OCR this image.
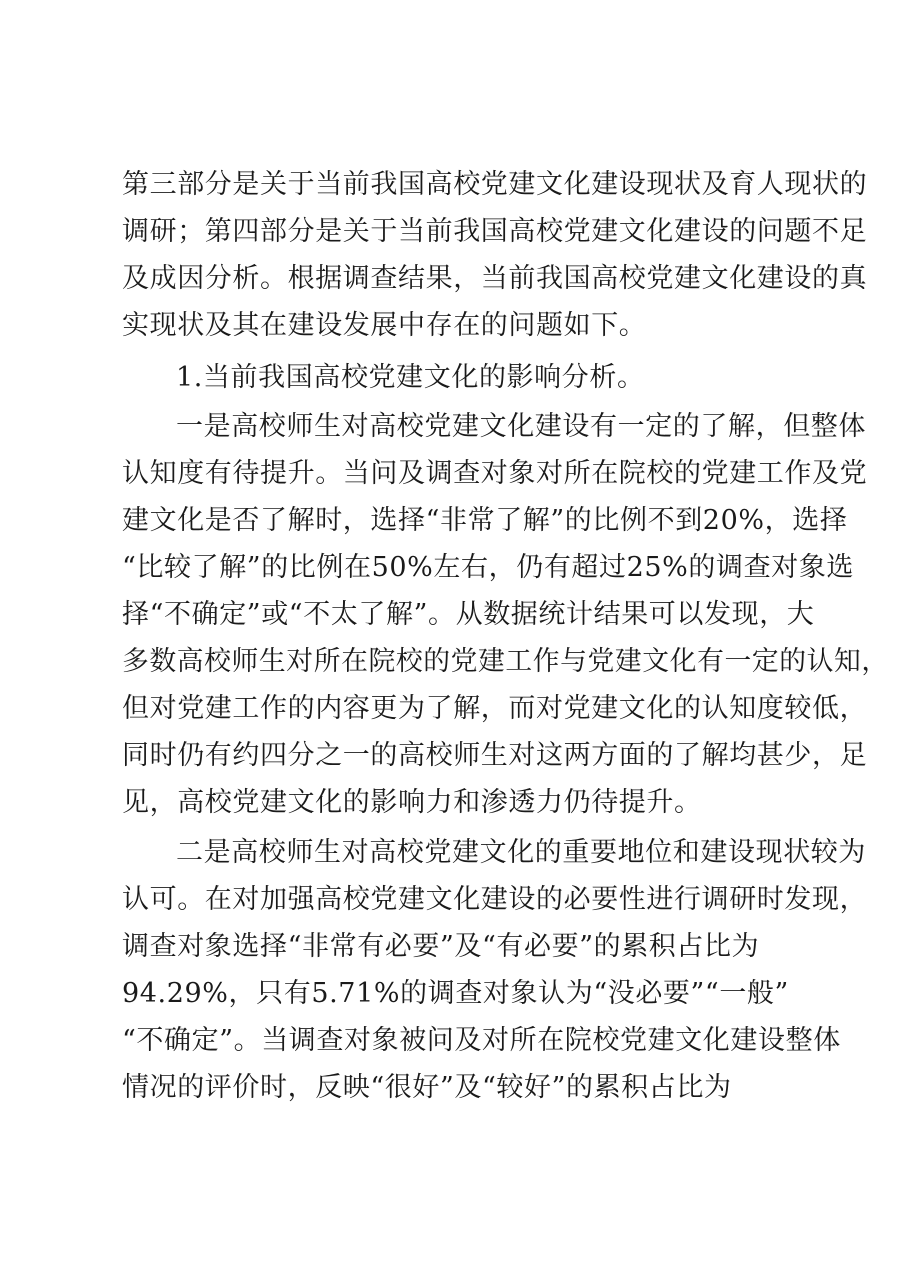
第三部分是关于当前我国高校党建文化建设现状及育人现状的
调研；第四部分是关于当前我国高校党建文化建设的问题不足
及成因分析。根据调查结果，当前我国高校党建文化建设的真
实现状及其在建设发展中存在的问题如下。
1.当前我国高校党建文化的影响分析。
一是高校师生对高校党建文化建设有一定的了解，但整体
认知度有待提升。当问及调查对象对所在院校的党建工作及党
建文化是否了解时，选择“非常了解”的比例不到20%，选择
“比较了解”的比例在50%左右，仍有超过25%的调查对象选
择“不确定”或“不太了解”。从数据统计结果可以发现，大
多数高校师生对所在院校的党建工作与党建文化有一定的认知，
但对党建工作的内容更为了解，而对党建文化的认知度较低，
同时仍有约四分之一的高校师生对这两方面的了解均甚少，足
见，高校党建文化的影响力和渗透力仍待提升。
二是高校师生对高校党建文化的重要地位和建设现状较为
认可。在对加强高校党建文化建设的必要性进行调研时发现，
调查对象选择“非常有必要”及“有必要”的累积占比为
94.29%，只有5.71%的调查对象认为“没必要”“一般”
“不确定”。当调查对象被问及对所在院校党建文化建设整体
情况的评价时，反映“很好”及“较好”的累积占比为
